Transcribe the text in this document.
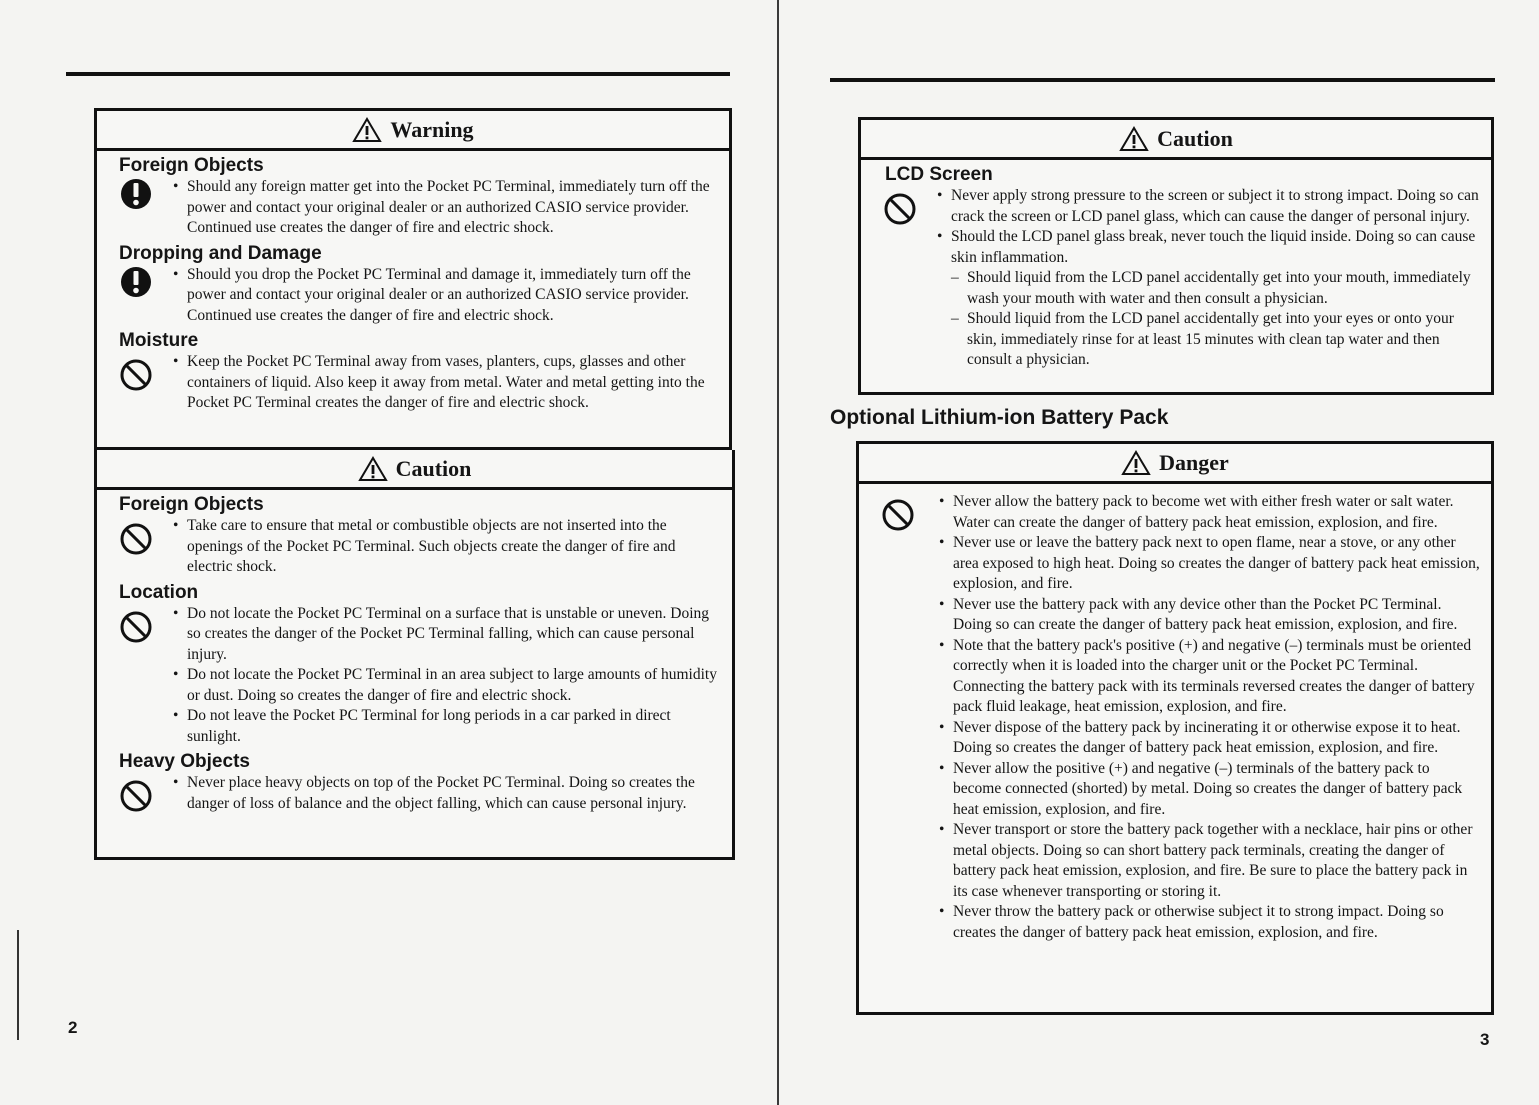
Warning
Foreign Objects
• Should any foreign matter get into the Pocket PC Terminal, immediately turn off the power and contact your original dealer or an authorized CASIO service provider. Continued use creates the danger of fire and electric shock.
Dropping and Damage
• Should you drop the Pocket PC Terminal and damage it, immediately turn off the power and contact your original dealer or an authorized CASIO service provider. Continued use creates the danger of fire and electric shock.
Moisture
• Keep the Pocket PC Terminal away from vases, planters, cups, glasses and other containers of liquid. Also keep it away from metal. Water and metal getting into the Pocket PC Terminal creates the danger of fire and electric shock.
Caution
Foreign Objects
• Take care to ensure that metal or combustible objects are not inserted into the openings of the Pocket PC Terminal. Such objects create the danger of fire and electric shock.
Location
• Do not locate the Pocket PC Terminal on a surface that is unstable or uneven. Doing so creates the danger of the Pocket PC Terminal falling, which can cause personal injury.
• Do not locate the Pocket PC Terminal in an area subject to large amounts of humidity or dust. Doing so creates the danger of fire and electric shock.
• Do not leave the Pocket PC Terminal for long periods in a car parked in direct sunlight.
Heavy Objects
• Never place heavy objects on top of the Pocket PC Terminal. Doing so creates the danger of loss of balance and the object falling, which can cause personal injury.
2
Caution
LCD Screen
• Never apply strong pressure to the screen or subject it to strong impact. Doing so can crack the screen or LCD panel glass, which can cause the danger of personal injury.
• Should the LCD panel glass break, never touch the liquid inside. Doing so can cause skin inflammation.
– Should liquid from the LCD panel accidentally get into your mouth, immediately wash your mouth with water and then consult a physician.
– Should liquid from the LCD panel accidentally get into your eyes or onto your skin, immediately rinse for at least 15 minutes with clean tap water and then consult a physician.
Optional Lithium-ion Battery Pack
Danger
• Never allow the battery pack to become wet with either fresh water or salt water. Water can create the danger of battery pack heat emission, explosion, and fire.
• Never use or leave the battery pack next to open flame, near a stove, or any other area exposed to high heat. Doing so creates the danger of battery pack heat emission, explosion, and fire.
• Never use the battery pack with any device other than the Pocket PC Terminal. Doing so can create the danger of battery pack heat emission, explosion, and fire.
• Note that the battery pack's positive (+) and negative (–) terminals must be oriented correctly when it is loaded into the charger unit or the Pocket PC Terminal. Connecting the battery pack with its terminals reversed creates the danger of battery pack fluid leakage, heat emission, explosion, and fire.
• Never dispose of the battery pack by incinerating it or otherwise expose it to heat. Doing so creates the danger of battery pack heat emission, explosion, and fire.
• Never allow the positive (+) and negative (–) terminals of the battery pack to become connected (shorted) by metal. Doing so creates the danger of battery pack heat emission, explosion, and fire.
• Never transport or store the battery pack together with a necklace, hair pins or other metal objects. Doing so can short battery pack terminals, creating the danger of battery pack heat emission, explosion, and fire. Be sure to place the battery pack in its case whenever transporting or storing it.
• Never throw the battery pack or otherwise subject it to strong impact. Doing so creates the danger of battery pack heat emission, explosion, and fire.
3
